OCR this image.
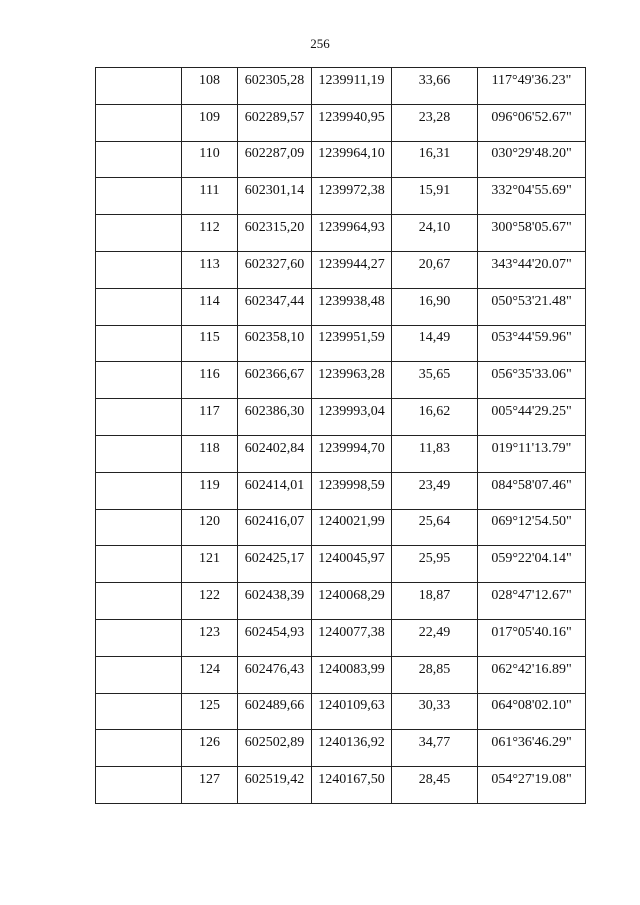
256
	108	602305,28	1239911,19	33,66	117°49'36.23"
	109	602289,57	1239940,95	23,28	096°06'52.67"
	110	602287,09	1239964,10	16,31	030°29'48.20"
	111	602301,14	1239972,38	15,91	332°04'55.69"
	112	602315,20	1239964,93	24,10	300°58'05.67"
	113	602327,60	1239944,27	20,67	343°44'20.07"
	114	602347,44	1239938,48	16,90	050°53'21.48"
	115	602358,10	1239951,59	14,49	053°44'59.96"
	116	602366,67	1239963,28	35,65	056°35'33.06"
	117	602386,30	1239993,04	16,62	005°44'29.25"
	118	602402,84	1239994,70	11,83	019°11'13.79"
	119	602414,01	1239998,59	23,49	084°58'07.46"
	120	602416,07	1240021,99	25,64	069°12'54.50"
	121	602425,17	1240045,97	25,95	059°22'04.14"
	122	602438,39	1240068,29	18,87	028°47'12.67"
	123	602454,93	1240077,38	22,49	017°05'40.16"
	124	602476,43	1240083,99	28,85	062°42'16.89"
	125	602489,66	1240109,63	30,33	064°08'02.10"
	126	602502,89	1240136,92	34,77	061°36'46.29"
	127	602519,42	1240167,50	28,45	054°27'19.08"
